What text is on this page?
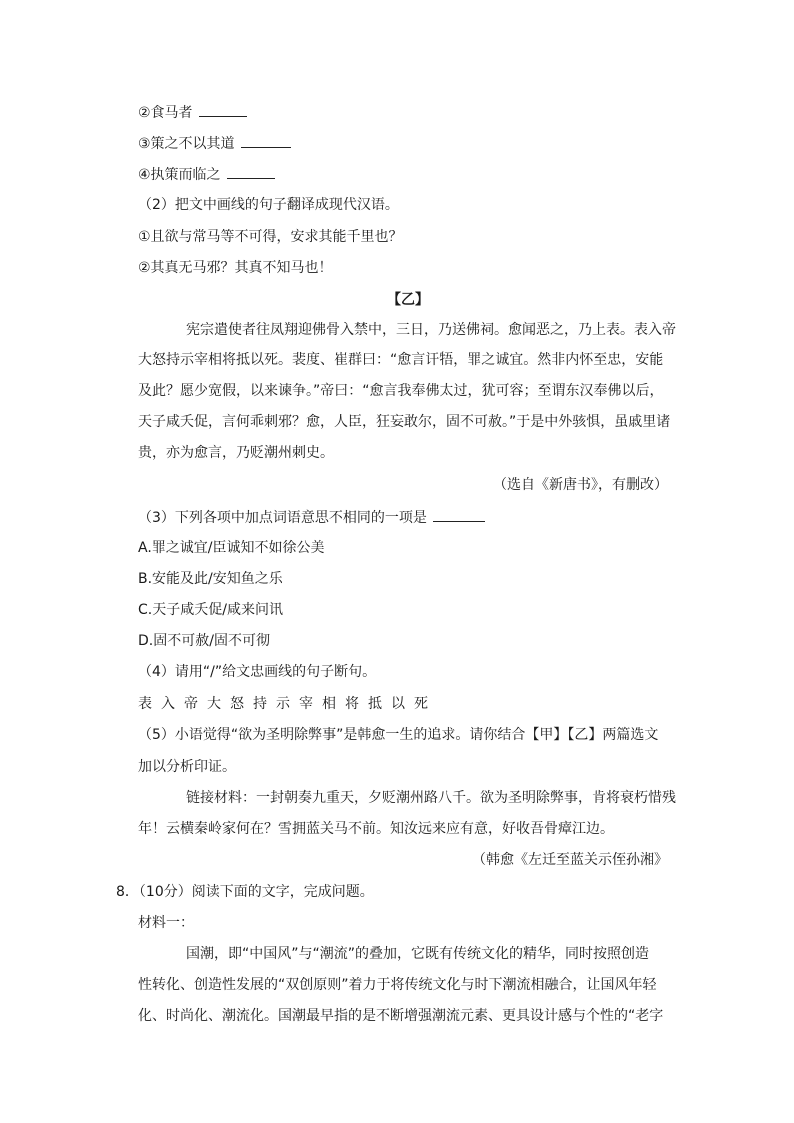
②食马者
③策之不以其道
④执策而临之
（2）把文中画线的句子翻译成现代汉语。
①且欲与常马等不可得，安求其能千里也？
②其真无马邪？其真不知马也！
【乙】
宪宗遣使者往凤翔迎佛骨入禁中，三日，乃送佛祠。愈闻恶之，乃上表。表入帝
大怒持示宰相将抵以死。裴度、崔群曰：“愈言讦牾，罪之诚宜。然非内怀至忠，安能
及此？愿少宽假，以来谏争。”帝曰：“愈言我奉佛太过，犹可容；至谓东汉奉佛以后，
天子咸夭促，言何乖刺邪？愈，人臣，狂妄敢尔，固不可赦。”于是中外骇惧，虽戚里诸
贵，亦为愈言，乃贬潮州刺史。
（选自《新唐书》，有删改）
（3）下列各项中加点词语意思不相同的一项是
A.罪之诚宜/臣诚知不如徐公美
B.安能及此/安知鱼之乐
C.天子咸夭促/咸来问讯
D.固不可赦/固不可彻
（4）请用“/”给文忠画线的句子断句。
表入帝大怒持示宰相将抵以死
（5）小语觉得“欲为圣明除弊事”是韩愈一生的追求。请你结合【甲】【乙】两篇选文
加以分析印证。
链接材料：一封朝奏九重天，夕贬潮州路八千。欲为圣明除弊事，肯将衰朽惜残
年！云横秦岭家何在？雪拥蓝关马不前。知汝远来应有意，好收吾骨瘴江边。
（韩愈《左迁至蓝关示侄孙湘》
8．（10分）阅读下面的文字，完成问题。
材料一：
国潮，即“中国风”与“潮流”的叠加，它既有传统文化的精华，同时按照创造
性转化、创造性发展的“双创原则”着力于将传统文化与时下潮流相融合，让国风年轻
化、时尚化、潮流化。国潮最早指的是不断增强潮流元素、更具设计感与个性的“老字
